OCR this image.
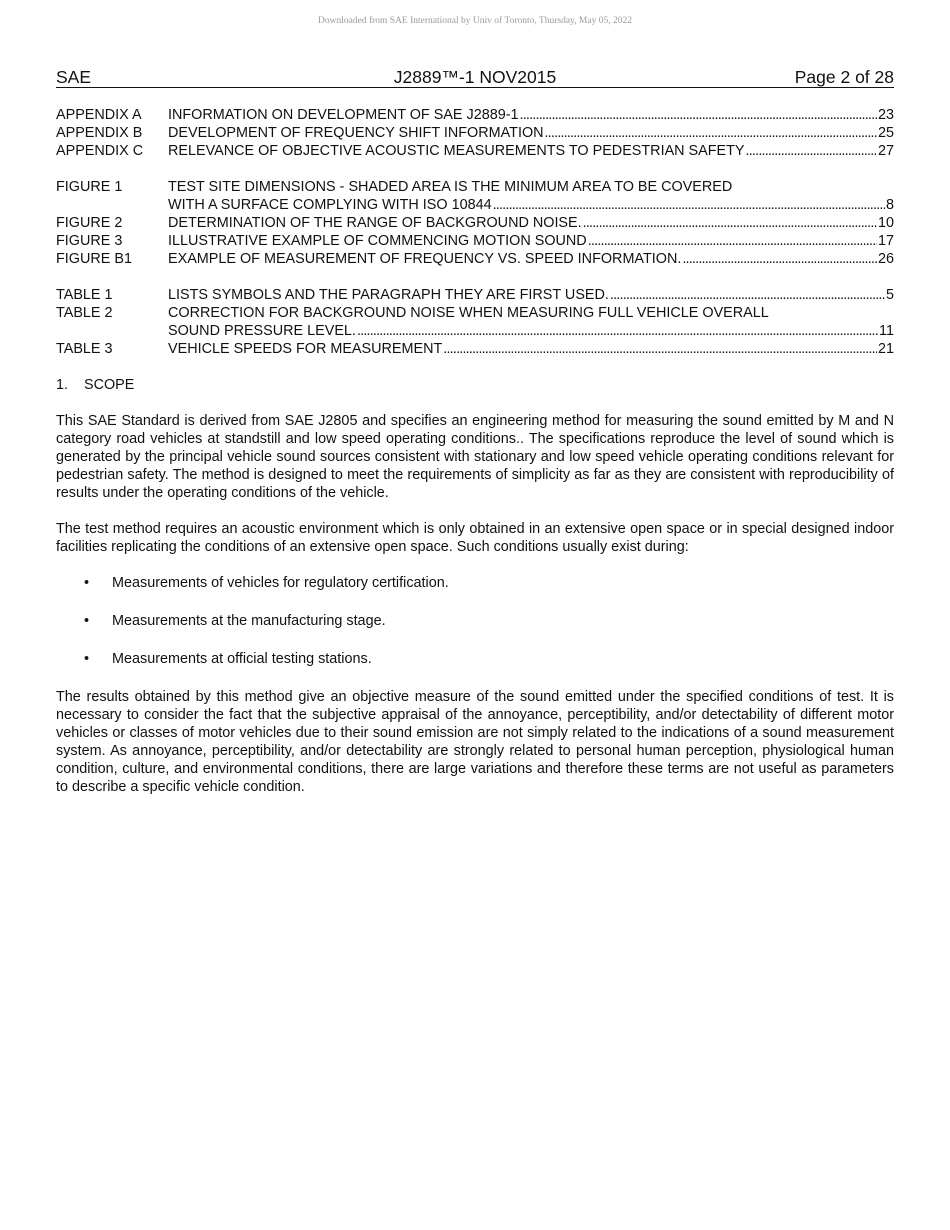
Downloaded from SAE International by Univ of Toronto, Thursday, May 05, 2022
SAE	J2889™-1 NOV2015	Page 2 of 28
APPENDIX A	INFORMATION ON DEVELOPMENT OF SAE J2889-1 . . .	23
APPENDIX B	DEVELOPMENT OF FREQUENCY SHIFT INFORMATION . . .	25
APPENDIX C	RELEVANCE OF OBJECTIVE ACOUSTIC MEASUREMENTS TO PEDESTRIAN SAFETY . . .	27
FIGURE 1	TEST SITE DIMENSIONS - SHADED AREA IS THE MINIMUM AREA TO BE COVERED
WITH A SURFACE COMPLYING WITH ISO 10844 . . .	8
FIGURE 2	DETERMINATION OF THE RANGE OF BACKGROUND NOISE. . . .	10
FIGURE 3	ILLUSTRATIVE EXAMPLE OF COMMENCING MOTION SOUND . . .	17
FIGURE B1	EXAMPLE OF MEASUREMENT OF FREQUENCY VS. SPEED INFORMATION. . . .	26
TABLE 1	LISTS SYMBOLS AND THE PARAGRAPH THEY ARE FIRST USED. . . .	5
TABLE 2	CORRECTION FOR BACKGROUND NOISE WHEN MEASURING FULL VEHICLE OVERALL
SOUND PRESSURE LEVEL. . . .	11
TABLE 3	VEHICLE SPEEDS FOR MEASUREMENT . . .	21
1. SCOPE

This SAE Standard is derived from SAE J2805 and specifies an engineering method for measuring the sound emitted by M and N category road vehicles at standstill and low speed operating conditions.. The specifications reproduce the level of sound which is generated by the principal vehicle sound sources consistent with stationary and low speed vehicle operating conditions relevant for pedestrian safety. The method is designed to meet the requirements of simplicity as far as they are consistent with reproducibility of results under the operating conditions of the vehicle.

The test method requires an acoustic environment which is only obtained in an extensive open space or in special designed indoor facilities replicating the conditions of an extensive open space. Such conditions usually exist during:

• Measurements of vehicles for regulatory certification.
• Measurements at the manufacturing stage.
• Measurements at official testing stations.

The results obtained by this method give an objective measure of the sound emitted under the specified conditions of test. It is necessary to consider the fact that the subjective appraisal of the annoyance, perceptibility, and/or detectability of different motor vehicles or classes of motor vehicles due to their sound emission are not simply related to the indications of a sound measurement system. As annoyance, perceptibility, and/or detectability are strongly related to personal human perception, physiological human condition, culture, and environmental conditions, there are large variations and therefore these terms are not useful as parameters to describe a specific vehicle condition.
